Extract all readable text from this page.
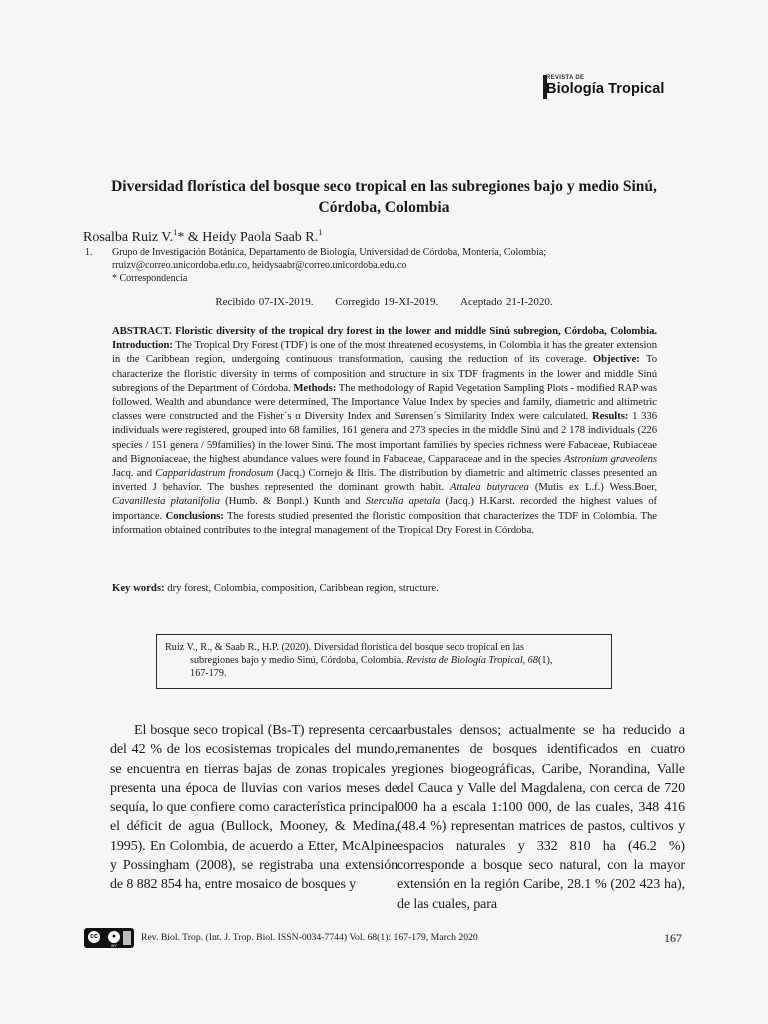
REVISTA DE
Biología Tropical
Diversidad florística del bosque seco tropical en las subregiones bajo y medio Sinú, Córdoba, Colombia
Rosalba Ruiz V.$^1$* & Heidy Paola Saab R.$^1$
1. Grupo de Investigación Botánica, Departamento de Biología, Universidad de Córdoba, Montería, Colombia;
rruizv@correo.unicordoba.edu.co, heidysaabr@correo.unicordoba.edu.co
* Correspondencia
Recibido 07-IX-2019. Corregido 19-XI-2019. Aceptado 21-I-2020.
ABSTRACT. Floristic diversity of the tropical dry forest in the lower and middle Sinú subregion, Córdoba, Colombia. Introduction: The Tropical Dry Forest (TDF) is one of the most threatened ecosystems, in Colombia it has the greater extension in the Caribbean region, undergoing continuous transformation, causing the reduction of its coverage. Objective: To characterize the floristic diversity in terms of composition and structure in six TDF fragments in the lower and middle Sinú subregions of the Department of Córdoba. Methods: The methodology of Rapid Vegetation Sampling Plots - modified RAP was followed. Wealth and abundance were determined, The Importance Value Index by species and family, diametric and altimetric classes were constructed and the Fisher´s α Diversity Index and Sørensen´s Similarity Index were calculated. Results: 1 336 individuals were registered, grouped into 68 families, 161 genera and 273 species in the middle Sinú and 2 178 individuals (226 species / 151 genera / 59families) in the lower Sinú. The most important families by species richness were Fabaceae, Rubiaceae and Bignoniaceae, the highest abundance values were found in Fabaceae, Capparaceae and in the species Astronium graveolens Jacq. and Capparidastrum frondosum (Jacq.) Cornejo & Iltis. The distribution by diametric and altimetric classes presented an inverted J behavior. The bushes represented the dominant growth habit. Attalea butyracea (Mutis ex L.f.) Wess.Boer, Cavanillesia platanifolia (Humb. & Bonpl.) Kunth and Sterculia apetala (Jacq.) H.Karst. recorded the highest values of importance. Conclusions: The forests studied presented the floristic composition that characterizes the TDF in Colombia. The information obtained contributes to the integral management of the Tropical Dry Forest in Córdoba.
Key words: dry forest, Colombia, composition, Caribbean region, structure.
Ruiz V., R., & Saab R., H.P. (2020). Diversidad florística del bosque seco tropical en las
subregiones bajo y medio Sinú, Córdoba, Colombia. Revista de Biología Tropical, 68(1),
167-179.
El bosque seco tropical (Bs-T) representa cerca del 42 % de los ecosistemas tropicales del mundo, se encuentra en tierras bajas de zonas tropicales y presenta una época de lluvias con varios meses de sequía, lo que confiere como característica principal el déficit de agua (Bullock, Mooney, & Medina, 1995). En Colombia, de acuerdo a Etter, McAlpine y Possingham (2008), se registraba una extensión de 8 882 854 ha, entre mosaico de bosques y
arbustales densos; actualmente se ha reducido a remanentes de bosques identificados en cuatro regiones biogeográficas, Caribe, Norandina, Valle del Cauca y Valle del Magdalena, con cerca de 720 000 ha a escala 1:100 000, de las cuales, 348 416 (48.4 %) representan matrices de pastos, cultivos y espacios naturales y 332 810 ha (46.2 %) corresponde a bosque seco natural, con la mayor extensión en la región Caribe, 28.1 % (202 423 ha), de las cuales, para
cc	●
BY
Rev. Biol. Trop. (Int. J. Trop. Biol. ISSN-0034-7744) Vol. 68(1): 167-179, March 2020	167
